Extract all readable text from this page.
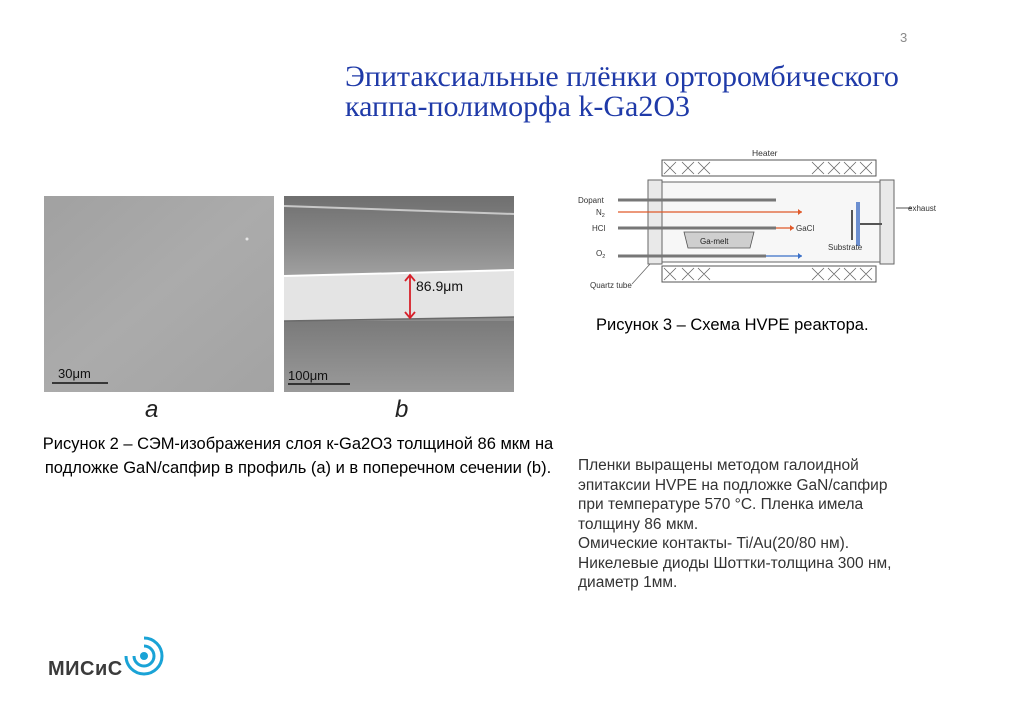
3
Эпитаксиальные плёнки орторомбического
каппа-полиморфа k-Ga2O3
30μm
a
86.9μm
100μm
b

Рисунок 2 – СЭМ-изображения слоя к-Ga2O3 толщиной 86 мкм на подложке GaN/сапфир в профиль (а) и в поперечном сечении (b).

Heater
Ga-melt
Dopant
$N_2$
HCl
$O_2$
GaCl
Substrate
exhaust
Quartz tube

Рисунок 3 – Схема HVPE реактора.

Пленки выращены методом галоидной
эпитаксии HVPE на подложке GaN/сапфир
при температуре 570 °С. Пленка имела
толщину 86 мкм.
Омические контакты- Ti/Au(20/80 нм).
Никелевые диоды Шоттки-толщина 300 нм,
диаметр 1мм.
МИСиС
